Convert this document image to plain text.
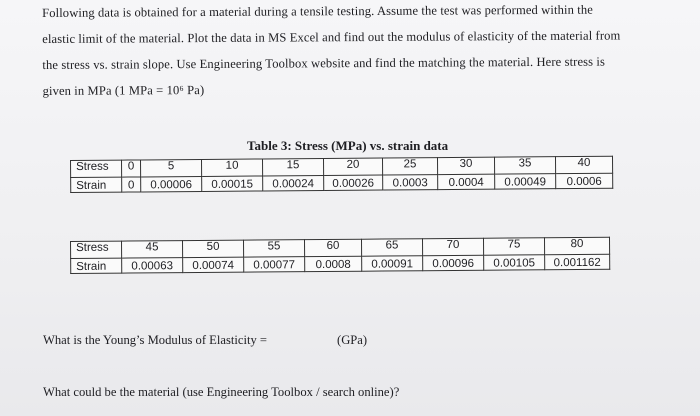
Following data is obtained for a material during a tensile testing. Assume the test was performed within the
elastic limit of the material. Plot the data in MS Excel and find out the modulus of elasticity of the material from
the stress vs. strain slope. Use Engineering Toolbox website and find the matching the material. Here stress is
given in MPa (1 MPa = 10⁶ Pa)
Table 3: Stress (MPa) vs. strain data
Stress	0	5	10	15	20	25	30	35	40
Strain	0	0.00006	0.00015	0.00024	0.00026	0.0003	0.0004	0.00049	0.0006
Stress	45	50	55	60	65	70	75	80
Strain	0.00063	0.00074	0.00077	0.0008	0.00091	0.00096	0.00105	0.001162
What is the Young’s Modulus of Elasticity =	(GPa)
What could be the material (use Engineering Toolbox / search online)?
